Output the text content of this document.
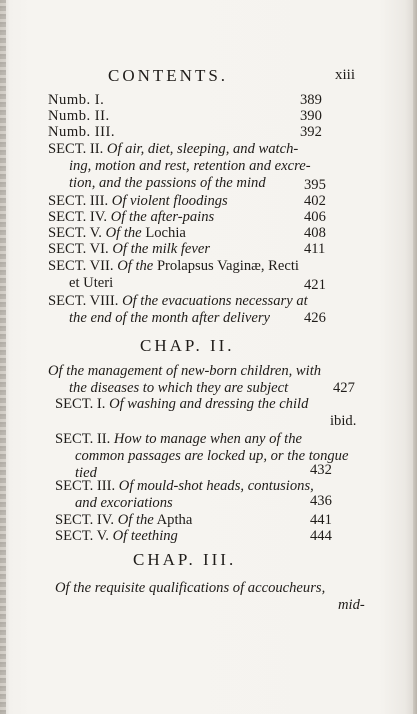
CONTENTS.	xiii
Numb. I.	389
Numb. II.	390
Numb. III.	392
SECT. II. Of air, diet, sleeping, and watch-
ing, motion and rest, retention and excre-
tion, and the passions of the mind	395
SECT. III. Of violent floodings	402
SECT. IV. Of the after-pains	406
SECT. V. Of the Lochia	408
SECT. VI. Of the milk fever	411
SECT. VII. Of the Prolapsus Vaginæ, Recti
et Uteri	421
SECT. VIII. Of the evacuations necessary at
the end of the month after delivery 426
CHAP. II.
Of the management of new-born children, with
the diseases to which they are subject	427
SECT. I. Of washing and dressing the child
ibid.
SECT. II. How to manage when any of the
common passages are locked up, or the tongue
tied	432
SECT. III. Of mould-shot heads, contusions,
and excoriations	436
SECT. IV. Of the Aptha	441
SECT. V. Of teething	444
CHAP. III.
Of the requisite qualifications of accoucheurs,
mid-
